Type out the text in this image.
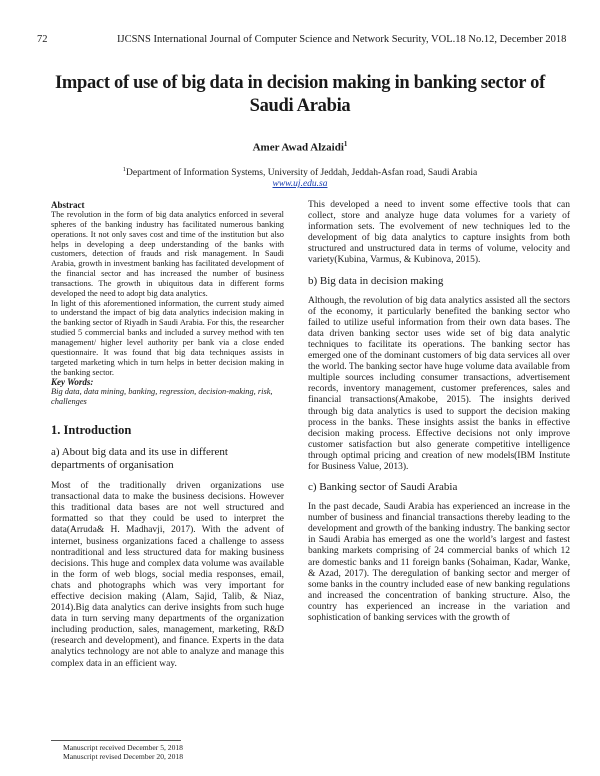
72	IJCSNS International Journal of Computer Science and Network Security, VOL.18 No.12, December 2018
Impact of use of big data in decision making in banking sector of
Saudi Arabia
Amer Awad Alzaidi$^1$
$^1$Department of Information Systems, University of Jeddah, Jeddah-Asfan road, Saudi Arabia
www.uj.edu.sa

Abstract

The revolution in the form of big data analytics enforced in several spheres of the banking industry has facilitated numerous banking operations. It not only saves cost and time of the institution but also helps in developing a deep understanding of the banks with customers, detection of frauds and risk management. In Saudi Arabia, growth in investment banking has facilitated development of the financial sector and has increased the number of business transactions. The growth in ubiquitous data in different forms developed the need to adopt big data analytics.

In light of this aforementioned information, the current study aimed to understand the impact of big data analytics indecision making in the banking sector of Riyadh in Saudi Arabia. For this, the researcher studied 5 commercial banks and included a survey method with ten management/ higher level authority per bank via a close ended questionnaire. It was found that big data techniques assists in targeted marketing which in turn helps in better decision making in the banking sector.

Key Words:

Big data, data mining, banking, regression, decision-making, risk, challenges

1. Introduction

a) About big data and its use in different departments of organisation

Most of the traditionally driven organizations use transactional data to make the business decisions. However this traditional data bases are not well structured and formatted so that they could be used to interpret the data(Arruda& H. Madhavji, 2017). With the advent of internet, business organizations faced a challenge to assess nontraditional and less structured data for making business decisions. This huge and complex data volume was available in the form of web blogs, social media responses, email, chats and photographs which was very important for effective decision making (Alam, Sajid, Talib, & Niaz, 2014).Big data analytics can derive insights from such huge data in turn serving many departments of the organization including production, sales, management, marketing, R&D (research and development), and finance. Experts in the data analytics technology are not able to analyze and manage this complex data in an efficient way.

This developed a need to invent some effective tools that can collect, store and analyze huge data volumes for a variety of information sets. The evolvement of new techniques led to the development of big data analytics to capture insights from both structured and unstructured data in terms of volume, velocity and variety(Kubina, Varmus, & Kubinova, 2015).

b) Big data in decision making

Although, the revolution of big data analytics assisted all the sectors of the economy, it particularly benefited the banking sector who failed to utilize useful information from their own data bases. The data driven banking sector uses wide set of big data analytic techniques to facilitate its operations. The banking sector has emerged one of the dominant customers of big data services all over the world. The banking sector have huge volume data available from multiple sources including consumer transactions, advertisement records, inventory management, customer preferences, sales and financial transactions(Amakobe, 2015). The insights derived through big data analytics is used to support the decision making process in the banks. These insights assist the banks in effective decision making process. Effective decisions not only improve customer satisfaction but also generate competitive intelligence through optimal pricing and creation of new models(IBM Institute for Business Value, 2013).

c) Banking sector of Saudi Arabia

In the past decade, Saudi Arabia has experienced an increase in the number of business and financial transactions thereby leading to the development and growth of the banking industry. The banking sector in Saudi Arabia has emerged as one the world’s largest and fastest banking markets comprising of 24 commercial banks of which 12 are domestic banks and 11 foreign banks (Sohaiman, Kadar, Wanke, & Azad, 2017). The deregulation of banking sector and merger of some banks in the country included ease of new banking regulations and increased the concentration of banking structure. Also, the country has experienced an increase in the variation and sophistication of banking services with the growth of

Manuscript received December 5, 2018
Manuscript revised December 20, 2018
